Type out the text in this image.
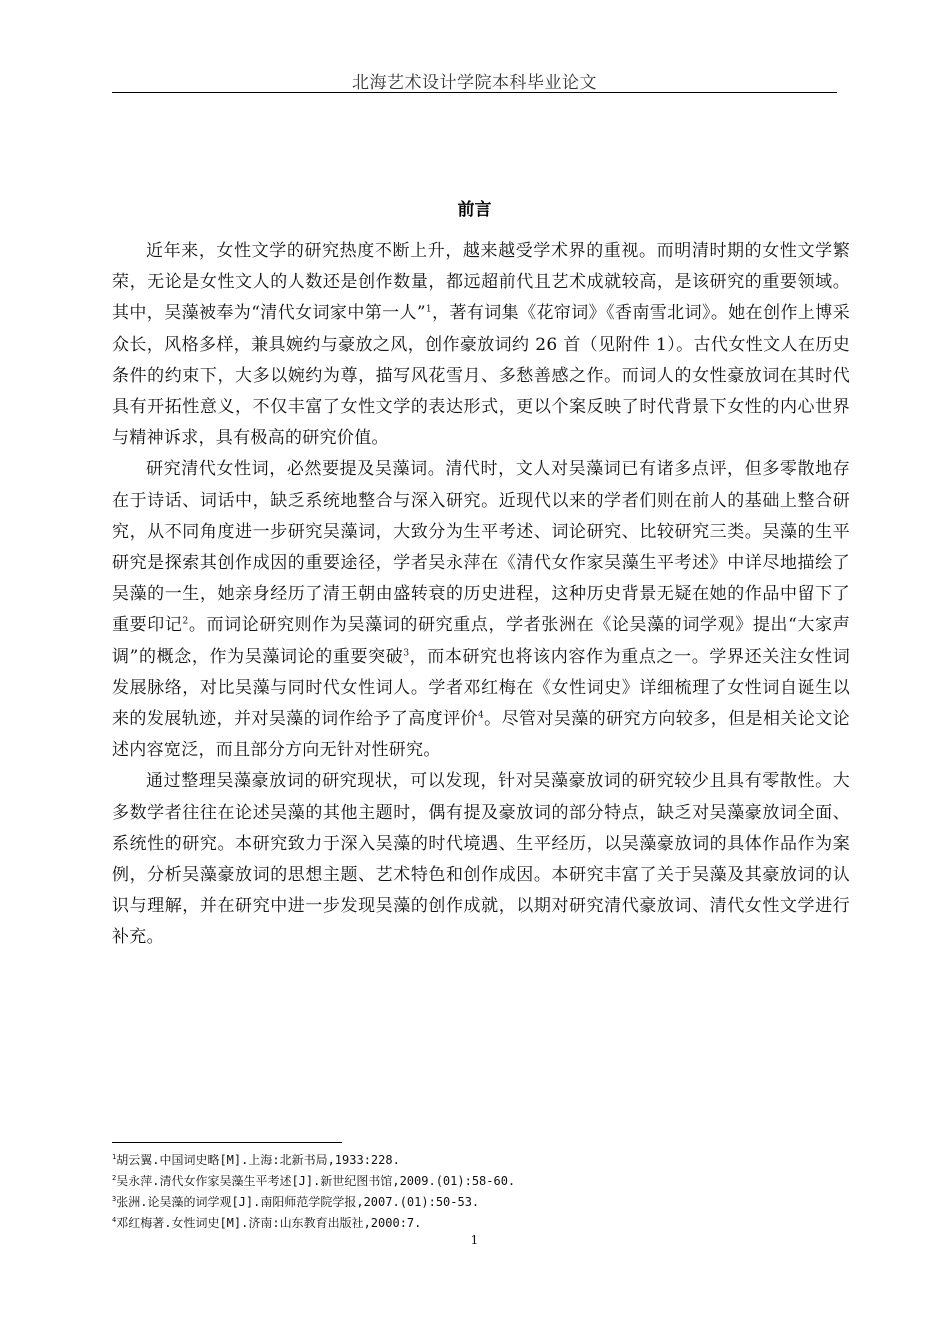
北海艺术设计学院本科毕业论文
前言

近年来，女性文学的研究热度不断上升，越来越受学术界的重视。而明清时期的女性文学繁荣，无论是女性文人的人数还是创作数量，都远超前代且艺术成就较高，是该研究的重要领域。其中，吴藻被奉为“清代女词家中第一人”$^1$，著有词集《花帘词》《香南雪北词》。她在创作上博采众长，风格多样，兼具婉约与豪放之风，创作豪放词约 26 首（见附件 1）。古代女性文人在历史条件的约束下，大多以婉约为尊，描写风花雪月、多愁善感之作。而词人的女性豪放词在其时代具有开拓性意义，不仅丰富了女性文学的表达形式，更以个案反映了时代背景下女性的内心世界与精神诉求，具有极高的研究价值。

研究清代女性词，必然要提及吴藻词。清代时，文人对吴藻词已有诸多点评，但多零散地存在于诗话、词话中，缺乏系统地整合与深入研究。近现代以来的学者们则在前人的基础上整合研究，从不同角度进一步研究吴藻词，大致分为生平考述、词论研究、比较研究三类。吴藻的生平研究是探索其创作成因的重要途径，学者吴永萍在《清代女作家吴藻生平考述》中详尽地描绘了吴藻的一生，她亲身经历了清王朝由盛转衰的历史进程，这种历史背景无疑在她的作品中留下了重要印记$^2$。而词论研究则作为吴藻词的研究重点，学者张洲在《论吴藻的词学观》提出“大家声调”的概念，作为吴藻词论的重要突破$^3$，而本研究也将该内容作为重点之一。学界还关注女性词发展脉络，对比吴藻与同时代女性词人。学者邓红梅在《女性词史》详细梳理了女性词自诞生以来的发展轨迹，并对吴藻的词作给予了高度评价$^4$。尽管对吴藻的研究方向较多，但是相关论文论述内容宽泛，而且部分方向无针对性研究。

通过整理吴藻豪放词的研究现状，可以发现，针对吴藻豪放词的研究较少且具有零散性。大多数学者往往在论述吴藻的其他主题时，偶有提及豪放词的部分特点，缺乏对吴藻豪放词全面、系统性的研究。本研究致力于深入吴藻的时代境遇、生平经历，以吴藻豪放词的具体作品作为案例，分析吴藻豪放词的思想主题、艺术特色和创作成因。本研究丰富了关于吴藻及其豪放词的认识与理解，并在研究中进一步发现吴藻的创作成就，以期对研究清代豪放词、清代女性文学进行补充。

$^1$胡云翼.中国词史略[M].上海:北新书局,1933:228.
$^2$吴永萍.清代女作家吴藻生平考述[J].新世纪图书馆,2009.(01):58-60.
$^3$张洲.论吴藻的词学观[J].南阳师范学院学报,2007.(01):50-53.
$^4$邓红梅著.女性词史[M].济南:山东教育出版社,2000:7.
1
